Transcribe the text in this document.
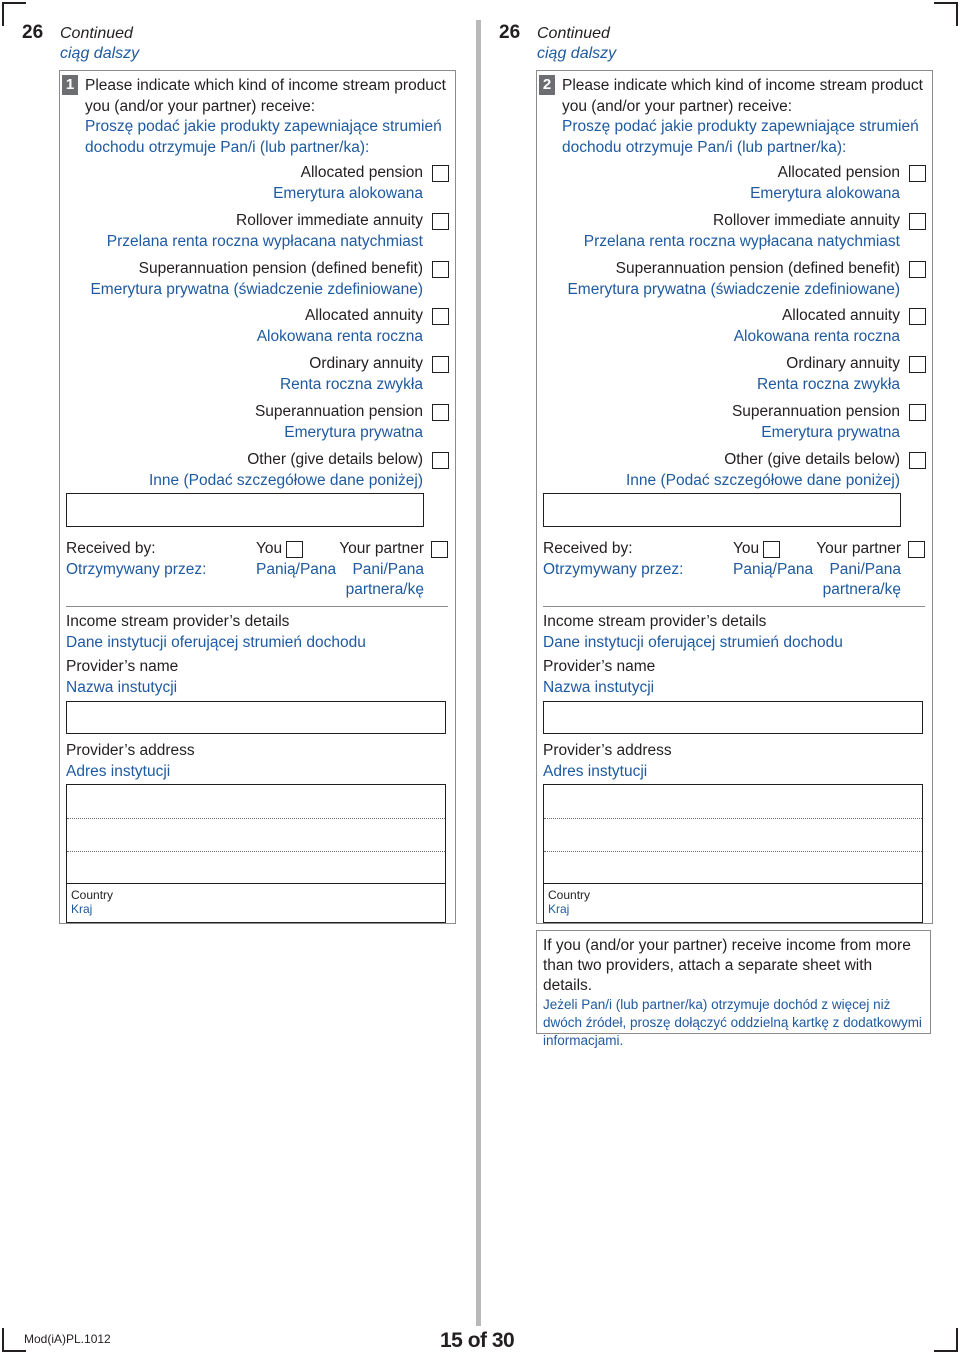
26 Continued
ciąg dalszy
1 Please indicate which kind of income stream product you (and/or your partner) receive:
Proszę podać jakie produkty zapewniające strumień dochodu otrzymuje Pan/i (lub partner/ka):
Allocated pension
Emerytura alokowana
Rollover immediate annuity
Przelana renta roczna wypłacana natychmiast
Superannuation pension (defined benefit)
Emerytura prywatna (świadczenie zdefiniowane)
Allocated annuity
Alokowana renta roczna
Ordinary annuity
Renta roczna zwykła
Superannuation pension
Emerytura prywatna
Other (give details below)
Inne (Podać szczegółowe dane poniżej)
Received by:
Otrzymywany przez:
You
Panią/Pana
Your partner
Pani/Pana
partnera/kę
Income stream provider’s details
Dane instytucji oferującej strumień dochodu
Provider’s name
Nazwa instutycji
Provider’s address
Adres instytucji
Country
Kraj
26 Continued
ciąg dalszy
2 Please indicate which kind of income stream product you (and/or your partner) receive:
Proszę podać jakie produkty zapewniające strumień dochodu otrzymuje Pan/i (lub partner/ka):
Allocated pension
Emerytura alokowana
Rollover immediate annuity
Przelana renta roczna wypłacana natychmiast
Superannuation pension (defined benefit)
Emerytura prywatna (świadczenie zdefiniowane)
Allocated annuity
Alokowana renta roczna
Ordinary annuity
Renta roczna zwykła
Superannuation pension
Emerytura prywatna
Other (give details below)
Inne (Podać szczegółowe dane poniżej)
Received by:
Otrzymywany przez:
You
Panią/Pana
Your partner
Pani/Pana
partnera/kę
Income stream provider’s details
Dane instytucji oferującej strumień dochodu
Provider’s name
Nazwa instutycji
Provider’s address
Adres instytucji
Country
Kraj
If you (and/or your partner) receive income from more than two providers, attach a separate sheet with details.
Jeżeli Pan/i (lub partner/ka) otrzymuje dochód z więcej niż dwóch źródeł, proszę dołączyć oddzielną kartkę z dodatkowymi informacjami.
Mod(iA)PL.1012	15 of 30
